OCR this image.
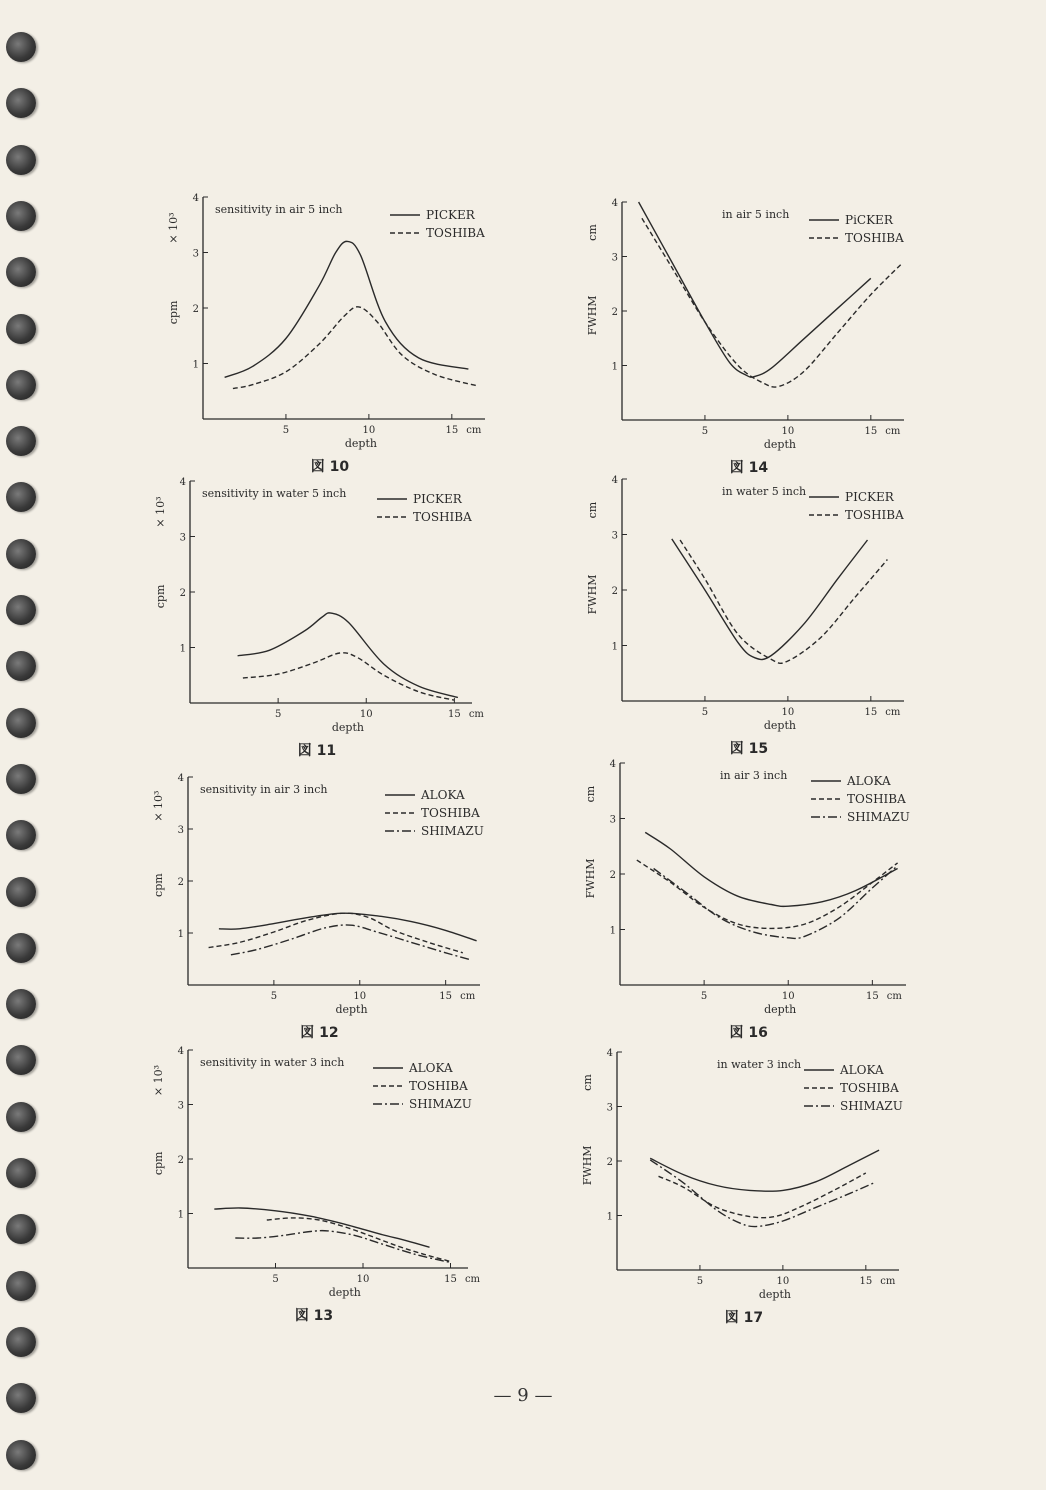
1
2
3
4
5	10	15 cm
depth
cpm
× 10³
sensitivity in air 5 inch	PICKER
TOSHIBA
図 10
1
2
3
4
5	10	15 cm
depth
cpm
× 10³
sensitivity in water 5 inch	PICKER
TOSHIBA
図 11
1
2
3
4
5	10	15 cm
depth
cpm
× 10³
sensitivity in air 3 inch	ALOKA
TOSHIBA
SHIMAZU
図 12
1
2
3
4
5	10	15 cm
depth
cpm
× 10³
sensitivity in water 3 inch	ALOKA
TOSHIBA
SHIMAZU
図 13
1
2
3
4
5	10	15 cm
depth
FWHM
cm
in air 5 inch	PiCKER
TOSHIBA
図 14
1
2
3
4
5	10	15 cm
depth
FWHM
cm
in water 5 inch	PICKER
TOSHIBA
図 15
1
2
3
4
5	10	15 cm
depth
FWHM
cm
in air 3 inch	ALOKA
TOSHIBA
SHIMAZU
図 16
1
2
3
4
5	10	15 cm
depth
FWHM
cm
in water 3 inch	ALOKA
TOSHIBA
SHIMAZU
図 17
— 9 —
